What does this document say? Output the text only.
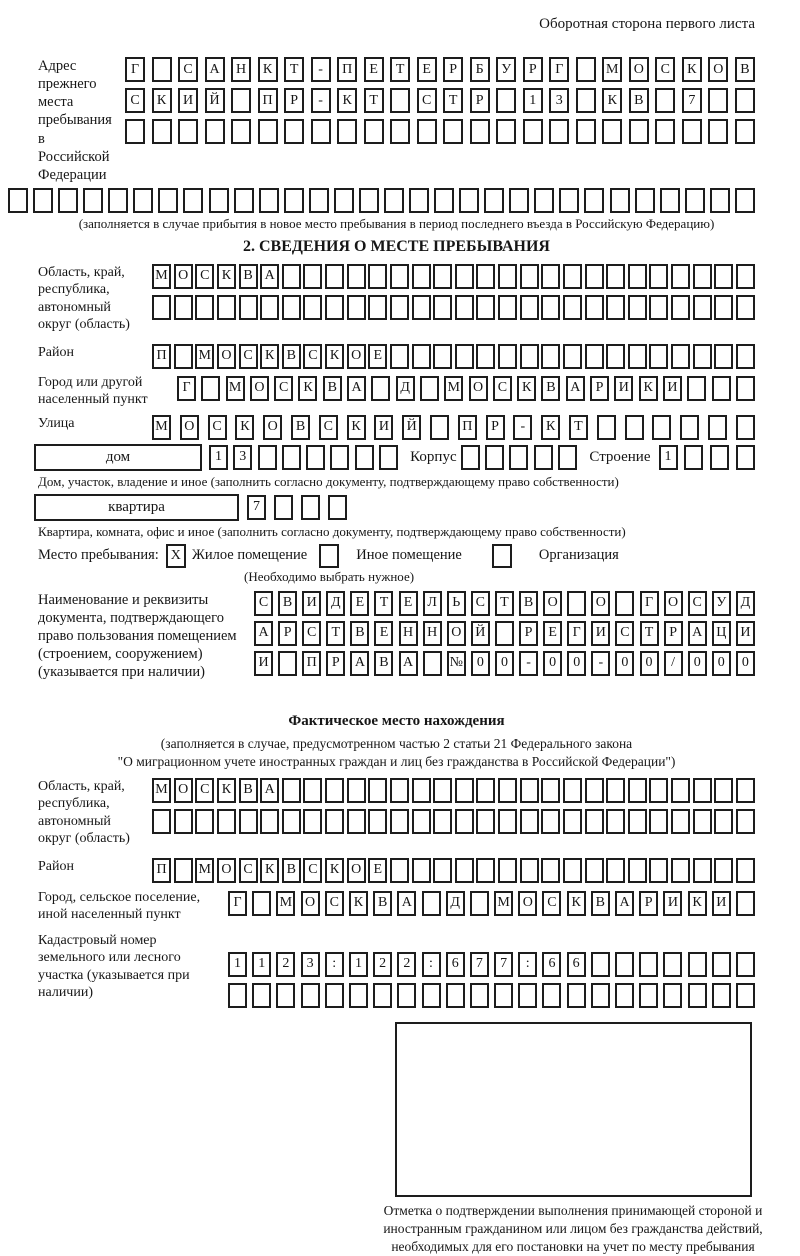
Оборотная сторона первого листа
Адрес прежнего места пребывания в Российской Федерации
Г	С	А	Н	К	Т	-	П	Е	Т	Е	Р	Б	У	Р	Г	М	О	С	К	О	В
С	К	И	Й	П	Р	-	К	Т	С	Т	Р	1	3	К	В	7
(заполняется в случае прибытия в новое место пребывания в период последнего въезда в Российскую Федерацию)
2. СВЕДЕНИЯ О МЕСТЕ ПРЕБЫВАНИЯ
Область, край, республика, автономный округ (область)
М О С К В А
Район	П	М О С К В С К О Е
Город или другой населенный пункт
Г	М О	С	К	В	А	Д	М О	С	К	В	А	Р	И	К	И
Улица	М	О	С	К	О	В	С	К	И	Й	П	Р	-	К	Т
дом	1	3	Корпус	Строение	1
Дом, участок, владение и иное (заполнить согласно документу, подтверждающему право собственности)
квартира	7
Квартира, комната, офис и иное (заполнить согласно документу, подтверждающему право собственности)
Место пребывания: X Жилое помещение	Иное помещение	Организация
(Необходимо выбрать нужное)
Наименование и реквизиты документа, подтверждающего право пользования помещением (строением, сооружением) (указывается при наличии)
С	В	И	Д	Е	Т	Е	Л	Ь	С	Т	В	О	О	Г	О	С	У	Д
А	Р	С	Т	В	Е	Н Н О Й	Р	Е	Г	И	С	Т	Р	А Ц И
И	П	Р	А	В	А	№ 0	0	-	0	0	-	0	0	/	0	0	0
Фактическое место нахождения
(заполняется в случае, предусмотренном частью 2 статьи 21 Федерального закона
"О миграционном учете иностранных граждан и лиц без гражданства в Российской Федерации")
Область, край, республика, автономный округ (область)
М О С К В А
Район	П	М О С К В С К О Е
Город, сельское поселение, иной населенный пункт
Г	М О	С	К	В	А	Д	М О	С	К	В	А	Р	И	К	И
Кадастровый номер земельного или лесного участка (указывается при наличии)
1	1	2	3	:	1	2	2	:	6	7	7	:	6	6
Отметка о подтверждении выполнения принимающей стороной и иностранным гражданином или лицом без гражданства действий, необходимых для его постановки на учет по месту пребывания
